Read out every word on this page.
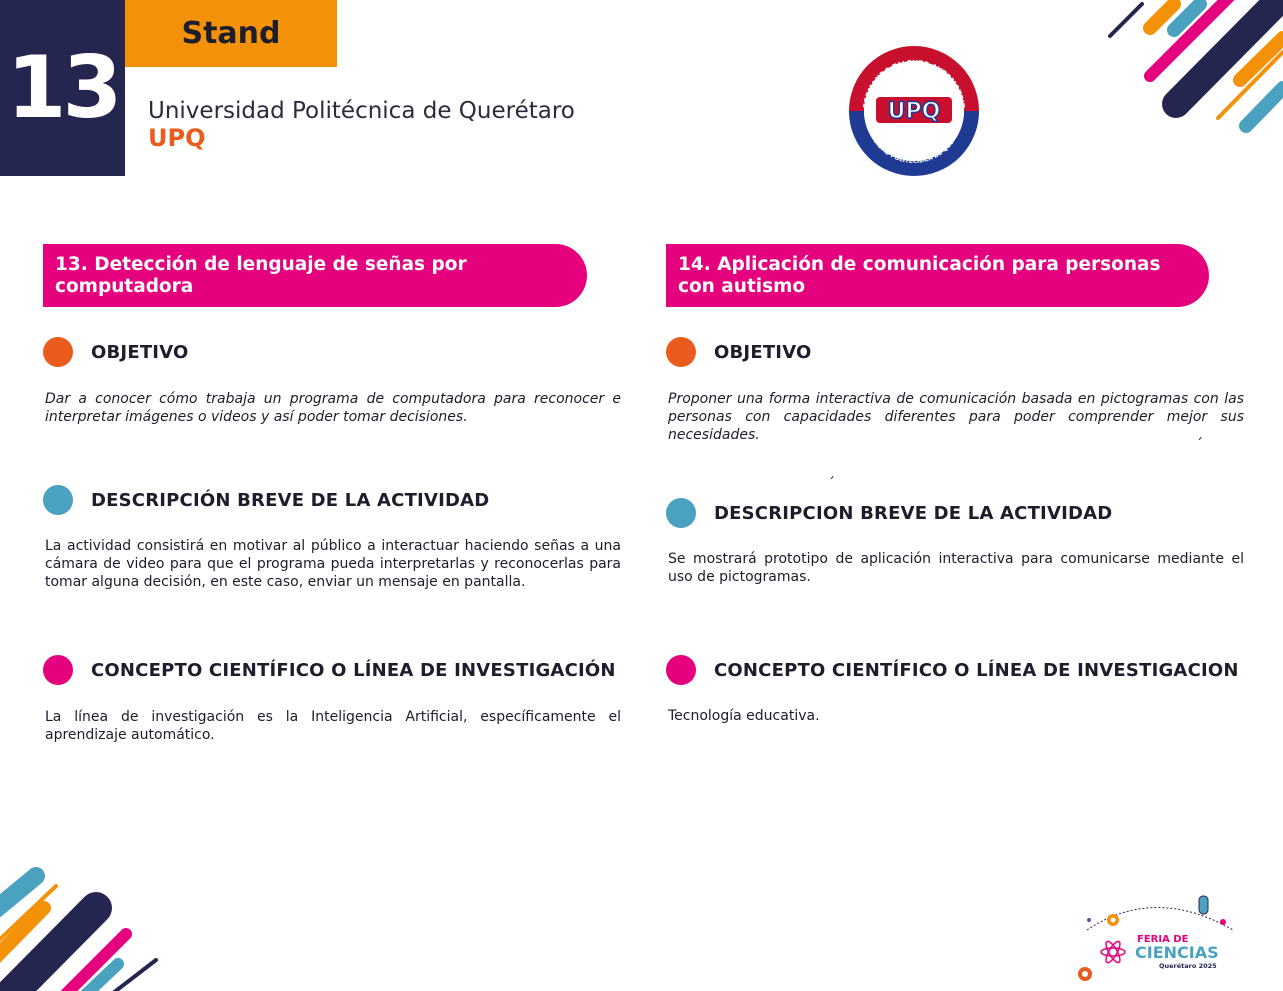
13
Stand
Universidad Politécnica de Querétaro
UPQ
FORMANDO TALENTO AUTOMOTRIZ
UNIVERSIDAD POLITÉCNICA DE QUERÉTARO
UPQ
13. Detección de lenguaje de señas por computadora
OBJETIVO

Dar a conocer cómo trabaja un programa de computadora para reconocer e interpretar imágenes o videos y así poder tomar decisiones.

DESCRIPCIÓN BREVE DE LA ACTIVIDAD

La actividad consistirá en motivar al público a interactuar haciendo señas a una cámara de video para que el programa pueda interpretarlas y reconocerlas para tomar alguna decisión, en este caso, enviar un mensaje en pantalla.

CONCEPTO CIENTÍFICO O LÍNEA DE INVESTIGACIÓN

La línea de investigación es la Inteligencia Artificial, específicamente el aprendizaje automático.

14. Aplicación de comunicación para personas
con autismo
OBJETIVO

Proponer una forma interactiva de comunicación basada en pictogramas con las personas con capacidades diferentes para poder comprender mejor sus necesidades.

´
´
DESCRIPCION BREVE DE LA ACTIVIDAD

Se mostrará prototipo de aplicación interactiva para comunicarse mediante el uso de pictogramas.

CONCEPTO CIENTÍFICO O LÍNEA DE INVESTIGACION

Tecnología educativa.

FERIA DE
CIENCIAS
Querétaro 2025
